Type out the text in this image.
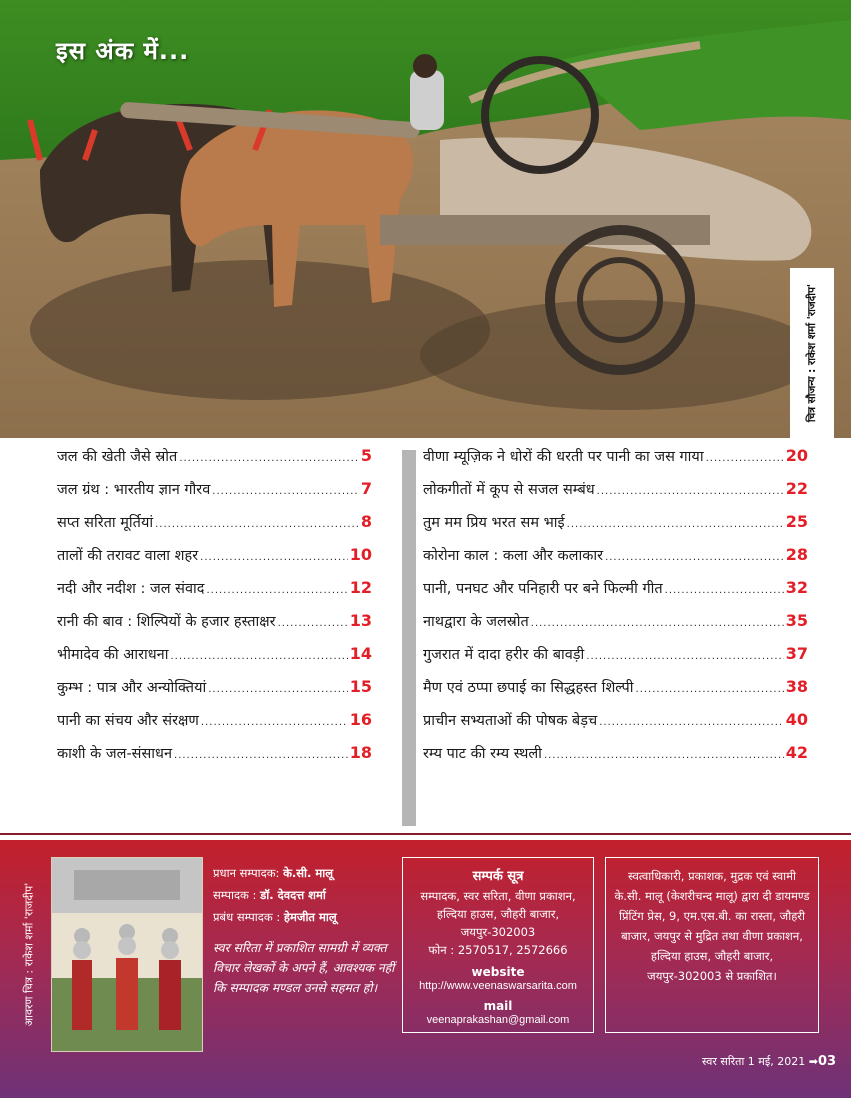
इस अंक में...
चित्र सौजन्य : राकेश शर्मा 'राजदीप'
जल की खेती जैसे स्रोत .....	5
जल ग्रंथ : भारतीय ज्ञान गौरव .....	7
सप्त सरिता मूर्तियां .....	8
तालों की तरावट वाला शहर .....	10
नदी और नदीश : जल संवाद .....	12
रानी की बाव : शिल्पियों के हजार हस्ताक्षर .....	13
भीमादेव की आराधना .....	14
कुम्भ : पात्र और अन्योक्तियां .....	15
पानी का संचय और संरक्षण .....	16
काशी के जल-संसाधन .....	18
वीणा म्यूज़िक ने धोरों की धरती पर पानी का जस गाया .....	20
लोकगीतों में कूप से सजल सम्बंध .....	22
तुम मम प्रिय भरत सम भाई .....	25
कोरोना काल : कला और कलाकार .....	28
पानी, पनघट और पनिहारी पर बने फिल्मी गीत .....	32
नाथद्वारा के जलस्रोत .....	35
गुजरात में दादा हरीर की बावड़ी .....	37
मैण एवं ठप्पा छपाई का सिद्धहस्त शिल्पी .....	38
प्राचीन सभ्यताओं की पोषक बेड़च .....	40
रम्य पाट की रम्य स्थली .....	42
आवरण चित्र : राकेश शर्मा 'राजदीप'
प्रधान सम्पादक: के.सी. मालू
सम्पादक : डॉ. देवदत्त शर्मा
प्रबंध सम्पादक : हेमजीत मालू
स्वर सरिता में प्रकाशित सामग्री में व्यक्त विचार लेखकों के अपने हैं, आवश्यक नहीं कि सम्पादक मण्डल उनसे सहमत हो।
सम्पर्क सूत्र
सम्पादक, स्वर सरिता, वीणा प्रकाशन, हल्दिया हाउस, जौहरी बाजार, जयपुर-302003
फोन : 2570517, 2572666
website
http://www.veenaswarsarita.com
mail
veenaprakashan@gmail.com
स्वत्वाधिकारी, प्रकाशक, मुद्रक एवं स्वामी के.सी. मालू (केशरीचन्द मालू) द्वारा दी डायमण्ड प्रिंटिंग प्रेस, 9, एम.एस.बी. का रास्ता, जौहरी बाजार, जयपुर से मुद्रित तथा वीणा प्रकाशन, हल्दिया हाउस, जौहरी बाजार, जयपुर-302003 से प्रकाशित।
स्वर सरिता 1 मई, 2021 ➡03
